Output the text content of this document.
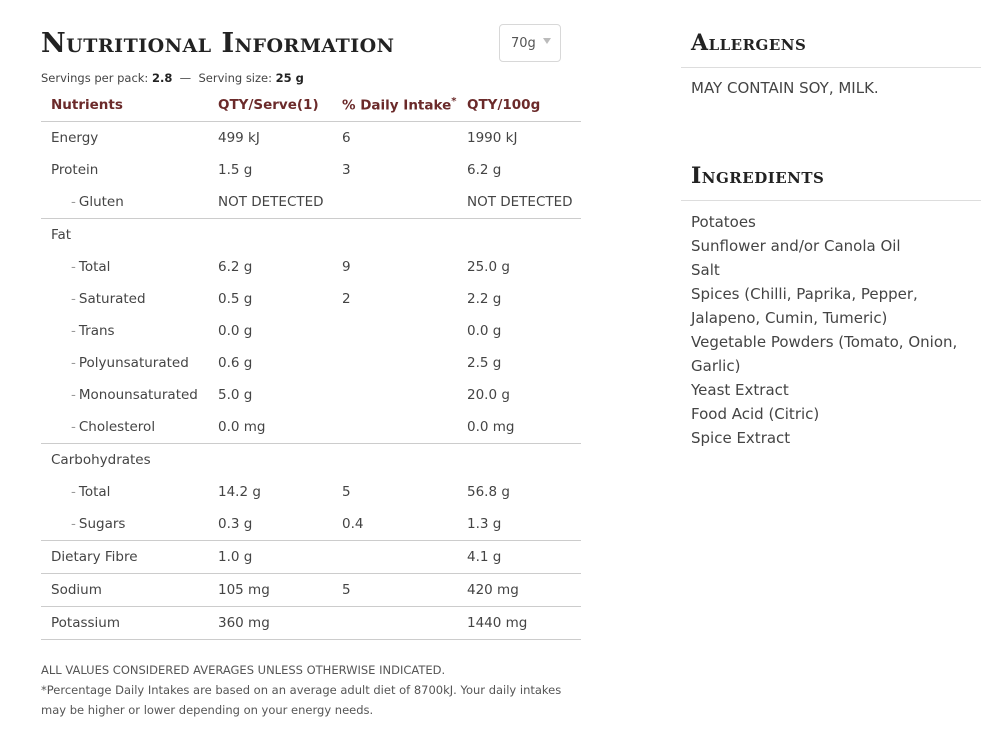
Nutritional Information	70g
Servings per pack: 2.8 — Serving size: 25 g
Nutrients	QTY/Serve(1)	% Daily Intake*	QTY/100g
Energy	499 kJ	6	1990 kJ
Protein	1.5 g	3	6.2 g
- Gluten	NOT DETECTED		NOT DETECTED
Fat			
- Total	6.2 g	9	25.0 g
- Saturated	0.5 g	2	2.2 g
- Trans	0.0 g		0.0 g
- Polyunsaturated	0.6 g		2.5 g
- Monounsaturated	5.0 g		20.0 g
- Cholesterol	0.0 mg		0.0 mg
Carbohydrates			
- Total	14.2 g	5	56.8 g
- Sugars	0.3 g	0.4	1.3 g
Dietary Fibre	1.0 g		4.1 g
Sodium	105 mg	5	420 mg
Potassium	360 mg		1440 mg
ALL VALUES CONSIDERED AVERAGES UNLESS OTHERWISE INDICATED.
*Percentage Daily Intakes are based on an average adult diet of 8700kJ. Your daily intakes may be higher or lower depending on your energy needs.
Allergens
MAY CONTAIN SOY, MILK.
Ingredients
Potatoes
Sunflower and/or Canola Oil
Salt
Spices (Chilli, Paprika, Pepper, Jalapeno, Cumin, Tumeric)
Vegetable Powders (Tomato, Onion, Garlic)
Yeast Extract
Food Acid (Citric)
Spice Extract
